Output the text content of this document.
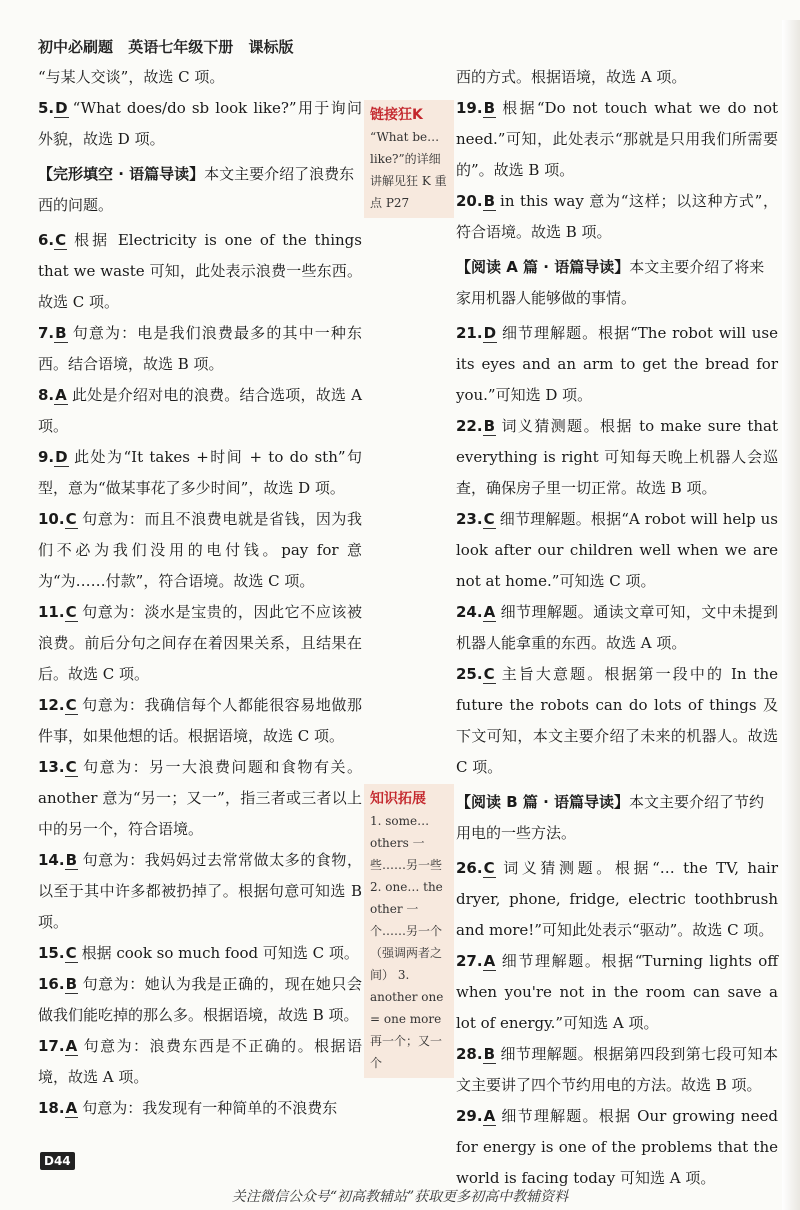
初中必刷题 英语七年级下册 课标版
“与某人交谈”，故选 C 项。
5.D “What does/do sb look like?”用于询问外貌，故选 D 项。
【完形填空 · 语篇导读】本文主要介绍了浪费东西的问题。
6.C 根据 Electricity is one of the things that we waste 可知，此处表示浪费一些东西。故选 C 项。
7.B 句意为：电是我们浪费最多的其中一种东西。结合语境，故选 B 项。
8.A 此处是介绍对电的浪费。结合选项，故选 A 项。
9.D 此处为“It takes +时间 + to do sth”句型，意为“做某事花了多少时间”，故选 D 项。
10.C 句意为：而且不浪费电就是省钱，因为我们不必为我们没用的电付钱。pay for 意为“为……付款”，符合语境。故选 C 项。
11.C 句意为：淡水是宝贵的，因此它不应该被浪费。前后分句之间存在着因果关系，且结果在后。故选 C 项。
12.C 句意为：我确信每个人都能很容易地做那件事，如果他想的话。根据语境，故选 C 项。
13.C 句意为：另一大浪费问题和食物有关。another 意为“另一；又一”，指三者或三者以上中的另一个，符合语境。
14.B 句意为：我妈妈过去常常做太多的食物，以至于其中许多都被扔掉了。根据句意可知选 B 项。
15.C 根据 cook so much food 可知选 C 项。
16.B 句意为：她认为我是正确的，现在她只会做我们能吃掉的那么多。根据语境，故选 B 项。
17.A 句意为：浪费东西是不正确的。根据语境，故选 A 项。
18.A 句意为：我发现有一种简单的不浪费东
链接狂K
“What be…like?”的详细讲解见狂 K 重点 P27
知识拓展
1. some… others 一些……另一些 2. one… the other 一个……另一个（强调两者之间） 3. another one = one more 再一个；又一个
西的方式。根据语境，故选 A 项。
19.B 根据“Do not touch what we do not need.”可知，此处表示“那就是只用我们所需要的”。故选 B 项。
20.B in this way 意为“这样；以这种方式”，符合语境。故选 B 项。
【阅读 A 篇 · 语篇导读】本文主要介绍了将来家用机器人能够做的事情。
21.D 细节理解题。根据“The robot will use its eyes and an arm to get the bread for you.”可知选 D 项。
22.B 词义猜测题。根据 to make sure that everything is right 可知每天晚上机器人会巡查，确保房子里一切正常。故选 B 项。
23.C 细节理解题。根据“A robot will help us look after our children well when we are not at home.”可知选 C 项。
24.A 细节理解题。通读文章可知，文中未提到机器人能拿重的东西。故选 A 项。
25.C 主旨大意题。根据第一段中的 In the future the robots can do lots of things 及下文可知，本文主要介绍了未来的机器人。故选 C 项。
【阅读 B 篇 · 语篇导读】本文主要介绍了节约用电的一些方法。
26.C 词义猜测题。根据“… the TV, hair dryer, phone, fridge, electric toothbrush and more!”可知此处表示“驱动”。故选 C 项。
27.A 细节理解题。根据“Turning lights off when you're not in the room can save a lot of energy.”可知选 A 项。
28.B 细节理解题。根据第四段到第七段可知本文主要讲了四个节约用电的方法。故选 B 项。
29.A 细节理解题。根据 Our growing need for energy is one of the problems that the world is facing today 可知选 A 项。
D44
关注微信公众号“初高教辅站”获取更多初高中教辅资料
